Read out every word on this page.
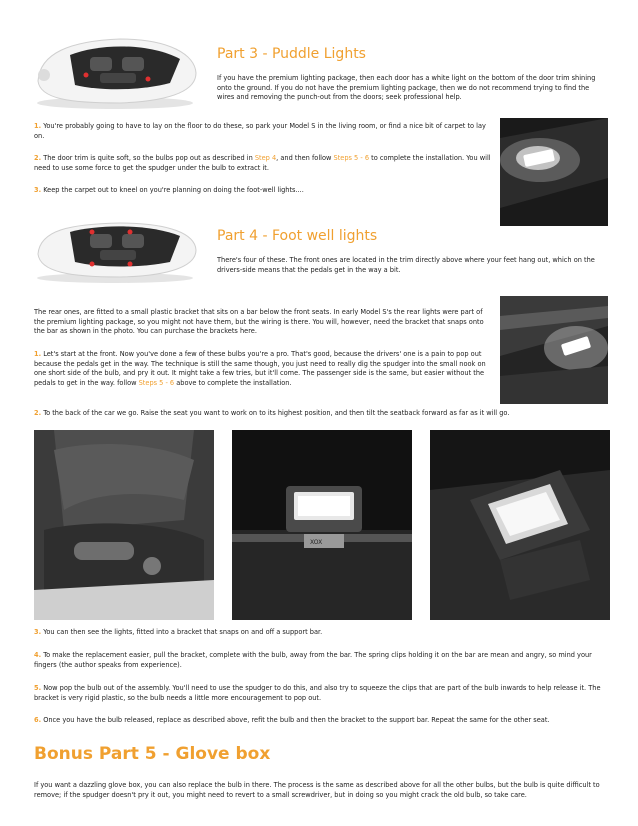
Part 3 - Puddle Lights

If you have the premium lighting package, then each door has a white light on the bottom of the door trim shining onto the ground. If you do not have the premium lighting package, then we do not recommend trying to find the wires and removing the punch-out from the doors; seek professional help.

1. You're probably going to have to lay on the floor to do these, so park your Model S in the living room, or find a nice bit of carpet to lay on.

2. The door trim is quite soft, so the bulbs pop out as described in Step 4, and then follow Steps 5 - 6 to complete the installation. You will need to use some force to get the spudger under the bulb to extract it.

3. Keep the carpet out to kneel on you're planning on doing the foot-well lights....

Part 4 - Foot well lights

There's four of these. The front ones are located in the trim directly above where your feet hang out, which on the drivers-side means that the pedals get in the way a bit.

The rear ones, are fitted to a small plastic bracket that sits on a bar below the front seats. In early Model S's the rear lights were part of the premium lighting package, so you might not have them, but the wiring is there. You will, however, need the bracket that snaps onto the bar as shown in the photo. You can purchase the brackets here.

1. Let's start at the front. Now you've done a few of these bulbs you're a pro. That's good, because the drivers' one is a pain to pop out because the pedals get in the way. The technique is still the same though, you just need to really dig the spudger into the small nook on one short side of the bulb, and pry it out. It might take a few tries, but it'll come. The passenger side is the same, but easier without the pedals to get in the way. follow Steps 5 - 6 above to complete the installation.

2. To the back of the car we go. Raise the seat you want to work on to its highest position, and then tilt the seatback forward as far as it will go.

XOX

3. You can then see the lights, fitted into a bracket that snaps on and off a support bar.

4. To make the replacement easier, pull the bracket, complete with the bulb, away from the bar. The spring clips holding it on the bar are mean and angry, so mind your fingers (the author speaks from experience).

5. Now pop the bulb out of the assembly. You'll need to use the spudger to do this, and also try to squeeze the clips that are part of the bulb inwards to help release it. The bracket is very rigid plastic, so the bulb needs a little more encouragement to pop out.

6. Once you have the bulb released, replace as described above, refit the bulb and then the bracket to the support bar. Repeat the same for the other seat.

Bonus Part 5 - Glove box

If you want a dazzling glove box, you can also replace the bulb in there. The process is the same as described above for all the other bulbs, but the bulb is quite difficult to remove; if the spudger doesn't pry it out, you might need to revert to a small screwdriver, but in doing so you might crack the old bulb, so take care.
